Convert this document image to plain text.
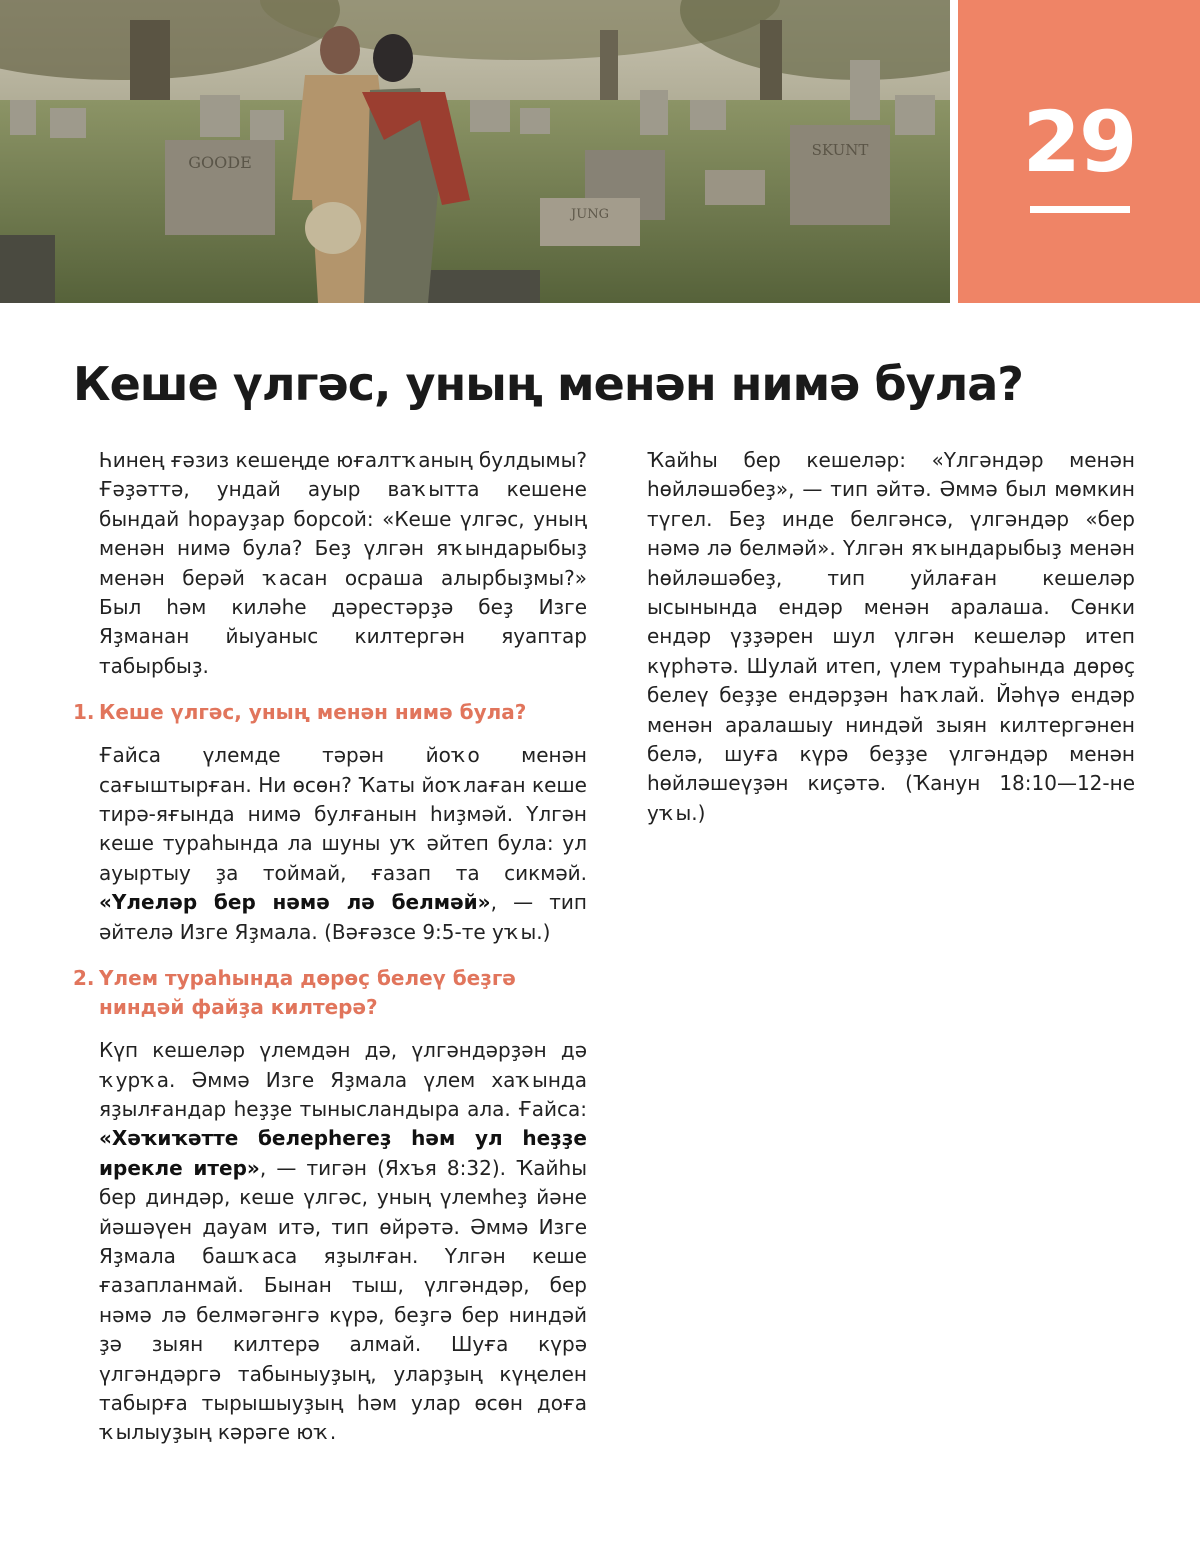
GOODE
JUNG
SKUNT	29
Кеше үлгәс, уның менән нимә була?

Һинең ғәзиз кешеңде юғалтҡаның булдымы? Ғәҙәттә, ундай ауыр ваҡытта кешене бындай һорауҙар борсой: «Кеше үлгәс, уның менән нимә була? Беҙ үлгән яҡындарыбыҙ менән берәй ҡасан осраша алырбыҙмы?» Был һәм киләһе дәрестәрҙә беҙ Изге Яҙманан йыуаныс килтергән яуаптар табырбыҙ.

1. Кеше үлгәс, уның менән нимә була?

Ғайса үлемде тәрән йоҡо менән сағыштырған. Ни өсөн? Ҡаты йоҡлаған кеше тирә-яғында нимә булғанын һиҙмәй. Үлгән кеше тураһында ла шуны уҡ әйтеп була: ул ауыртыу ҙа тоймай, ғазап та сикмәй. «Үлеләр бер нәмә лә белмәй», — тип әйтелә Изге Яҙмала. (Вәғәзсе 9:5-те уҡы.)

2. Үлем тураһында дөрөҫ белеү беҙгә ниндәй файҙа килтерә?

Күп кешеләр үлемдән дә, үлгәндәрҙән дә ҡурҡа. Әммә Изге Яҙмала үлем хаҡында яҙылғандар һеҙҙе тынысландыра ала. Ғайса: «Хәҡиҡәтте белерһегеҙ һәм ул һеҙҙе ирекле итер», — тигән (Яхъя 8:32). Ҡайһы бер диндәр, кеше үлгәс, уның үлемһеҙ йәне йәшәүен дауам итә, тип өйрәтә. Әммә Изге Яҙмала башҡаса яҙылған. Үлгән кеше ғазапланмай. Бынан тыш, үлгәндәр, бер нәмә лә белмәгәнгә күрә, беҙгә бер ниндәй ҙә зыян килтерә алмай. Шуға күрә үлгәндәргә табыныуҙың, уларҙың күңелен табырға тырышыуҙың һәм улар өсөн доға ҡылыуҙың кәрәге юҡ.

Ҡайһы бер кешеләр: «Үлгәндәр менән һөйләшәбеҙ», — тип әйтә. Әммә был мөмкин түгел. Беҙ инде белгәнсә, үлгәндәр «бер нәмә лә белмәй». Үлгән яҡындарыбыҙ менән һөйләшәбеҙ, тип уйлаған кешеләр ысынында ендәр менән аралаша. Сөнки ендәр үҙҙәрен шул үлгән кешеләр итеп күрһәтә. Шулай итеп, үлем тураһында дөрөҫ белеү беҙҙе ендәрҙән һаҡлай. Йәһүә ендәр менән аралашыу ниндәй зыян килтергәнен белә, шуға күрә беҙҙе үлгәндәр менән һөйләшеүҙән киҫәтә. (Ҡанун 18:10—12-не уҡы.)
